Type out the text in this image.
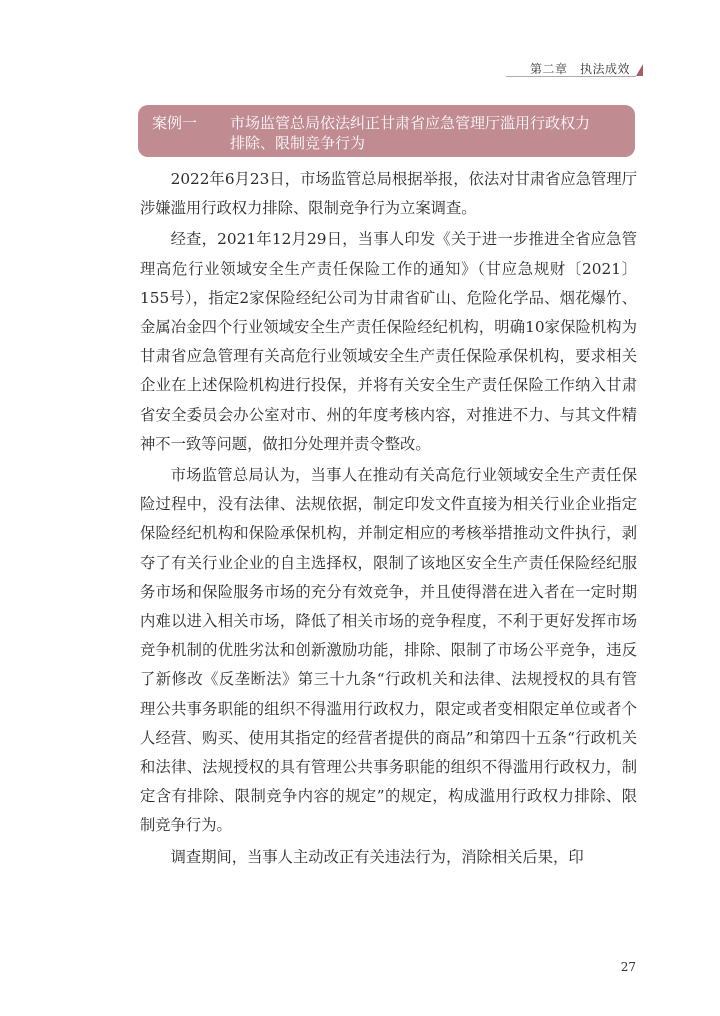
第二章　执法成效
案例一	市场监管总局依法纠正甘肃省应急管理厅滥用行政权力
排除、限制竞争行为

2022年6月23日，市场监管总局根据举报，依法对甘肃省应急管理厅涉嫌滥用行政权力排除、限制竞争行为立案调查。

经查，2021年12月29日，当事人印发《关于进一步推进全省应急管理高危行业领域安全生产责任保险工作的通知》（甘应急规财〔2021〕155号），指定2家保险经纪公司为甘肃省矿山、危险化学品、烟花爆竹、金属冶金四个行业领域安全生产责任保险经纪机构，明确10家保险机构为甘肃省应急管理有关高危行业领域安全生产责任保险承保机构，要求相关企业在上述保险机构进行投保，并将有关安全生产责任保险工作纳入甘肃省安全委员会办公室对市、州的年度考核内容，对推进不力、与其文件精神不一致等问题，做扣分处理并责令整改。

市场监管总局认为，当事人在推动有关高危行业领域安全生产责任保险过程中，没有法律、法规依据，制定印发文件直接为相关行业企业指定保险经纪机构和保险承保机构，并制定相应的考核举措推动文件执行，剥夺了有关行业企业的自主选择权，限制了该地区安全生产责任保险经纪服务市场和保险服务市场的充分有效竞争，并且使得潜在进入者在一定时期内难以进入相关市场，降低了相关市场的竞争程度，不利于更好发挥市场竞争机制的优胜劣汰和创新激励功能，排除、限制了市场公平竞争，违反了新修改《反垄断法》第三十九条“行政机关和法律、法规授权的具有管理公共事务职能的组织不得滥用行政权力，限定或者变相限定单位或者个人经营、购买、使用其指定的经营者提供的商品”和第四十五条“行政机关和法律、法规授权的具有管理公共事务职能的组织不得滥用行政权力，制定含有排除、限制竞争内容的规定”的规定，构成滥用行政权力排除、限制竞争行为。

调查期间，当事人主动改正有关违法行为，消除相关后果，印

27
